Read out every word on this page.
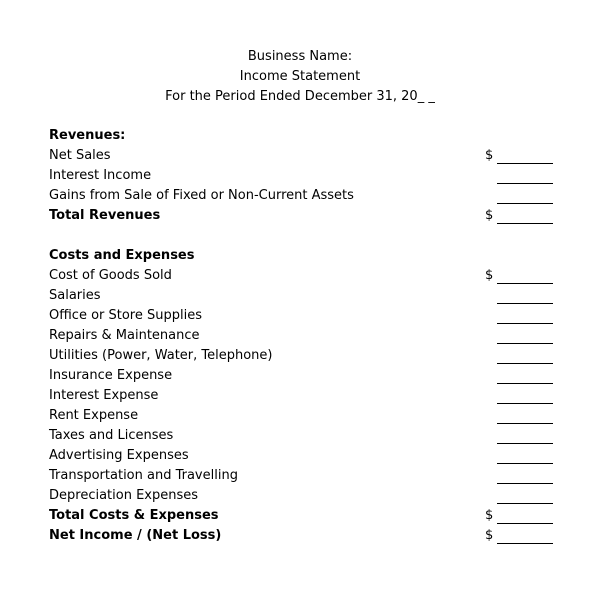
Business Name:
Income Statement
For the Period Ended December 31, 20_ _
Revenues:
Net Sales	$
Interest Income
Gains from Sale of Fixed or Non-Current Assets
Total Revenues	$
Costs and Expenses
Cost of Goods Sold	$
Salaries
Office or Store Supplies
Repairs & Maintenance
Utilities (Power, Water, Telephone)
Insurance Expense
Interest Expense
Rent Expense
Taxes and Licenses
Advertising Expenses
Transportation and Travelling
Depreciation Expenses
Total Costs & Expenses	$
Net Income / (Net Loss)	$
